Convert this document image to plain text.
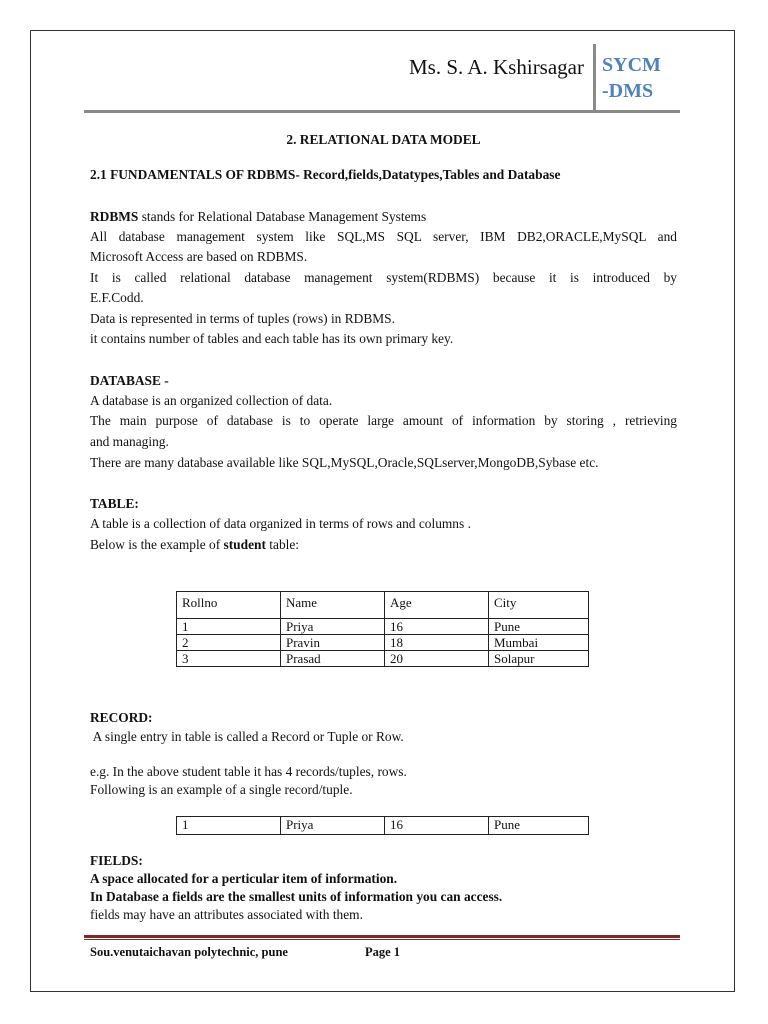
Ms. S. A. Kshirsagar SYCM
-DMS
2. RELATIONAL DATA MODEL
2.1 FUNDAMENTALS OF RDBMS- Record,fields,Datatypes,Tables and Database
RDBMS stands for Relational Database Management Systems
All database management system like SQL,MS SQL server, IBM DB2,ORACLE,MySQL and
Microsoft Access are based on RDBMS.
It is called relational database management system(RDBMS) because it is introduced by
E.F.Codd.
Data is represented in terms of tuples (rows) in RDBMS.
it contains number of tables and each table has its own primary key.
DATABASE -
A database is an organized collection of data.
The main purpose of database is to operate large amount of information by storing , retrieving
and managing.
There are many database available like SQL,MySQL,Oracle,SQLserver,MongoDB,Sybase etc.
TABLE:
A table is a collection of data organized in terms of rows and columns .
Below is the example of student table:
Rollno	Name	Age	City
1	Priya	16	Pune
2	Pravin	18	Mumbai
3	Prasad	20	Solapur
RECORD:
A single entry in table is called a Record or Tuple or Row.
e.g. In the above student table it has 4 records/tuples, rows.
Following is an example of a single record/tuple.
1	Priya	16	Pune
FIELDS:
A space allocated for a perticular item of information.
In Database a fields are the smallest units of information you can access.
fields may have an attributes associated with them.
Sou.venutaichavan polytechnic, pune	Page 1
